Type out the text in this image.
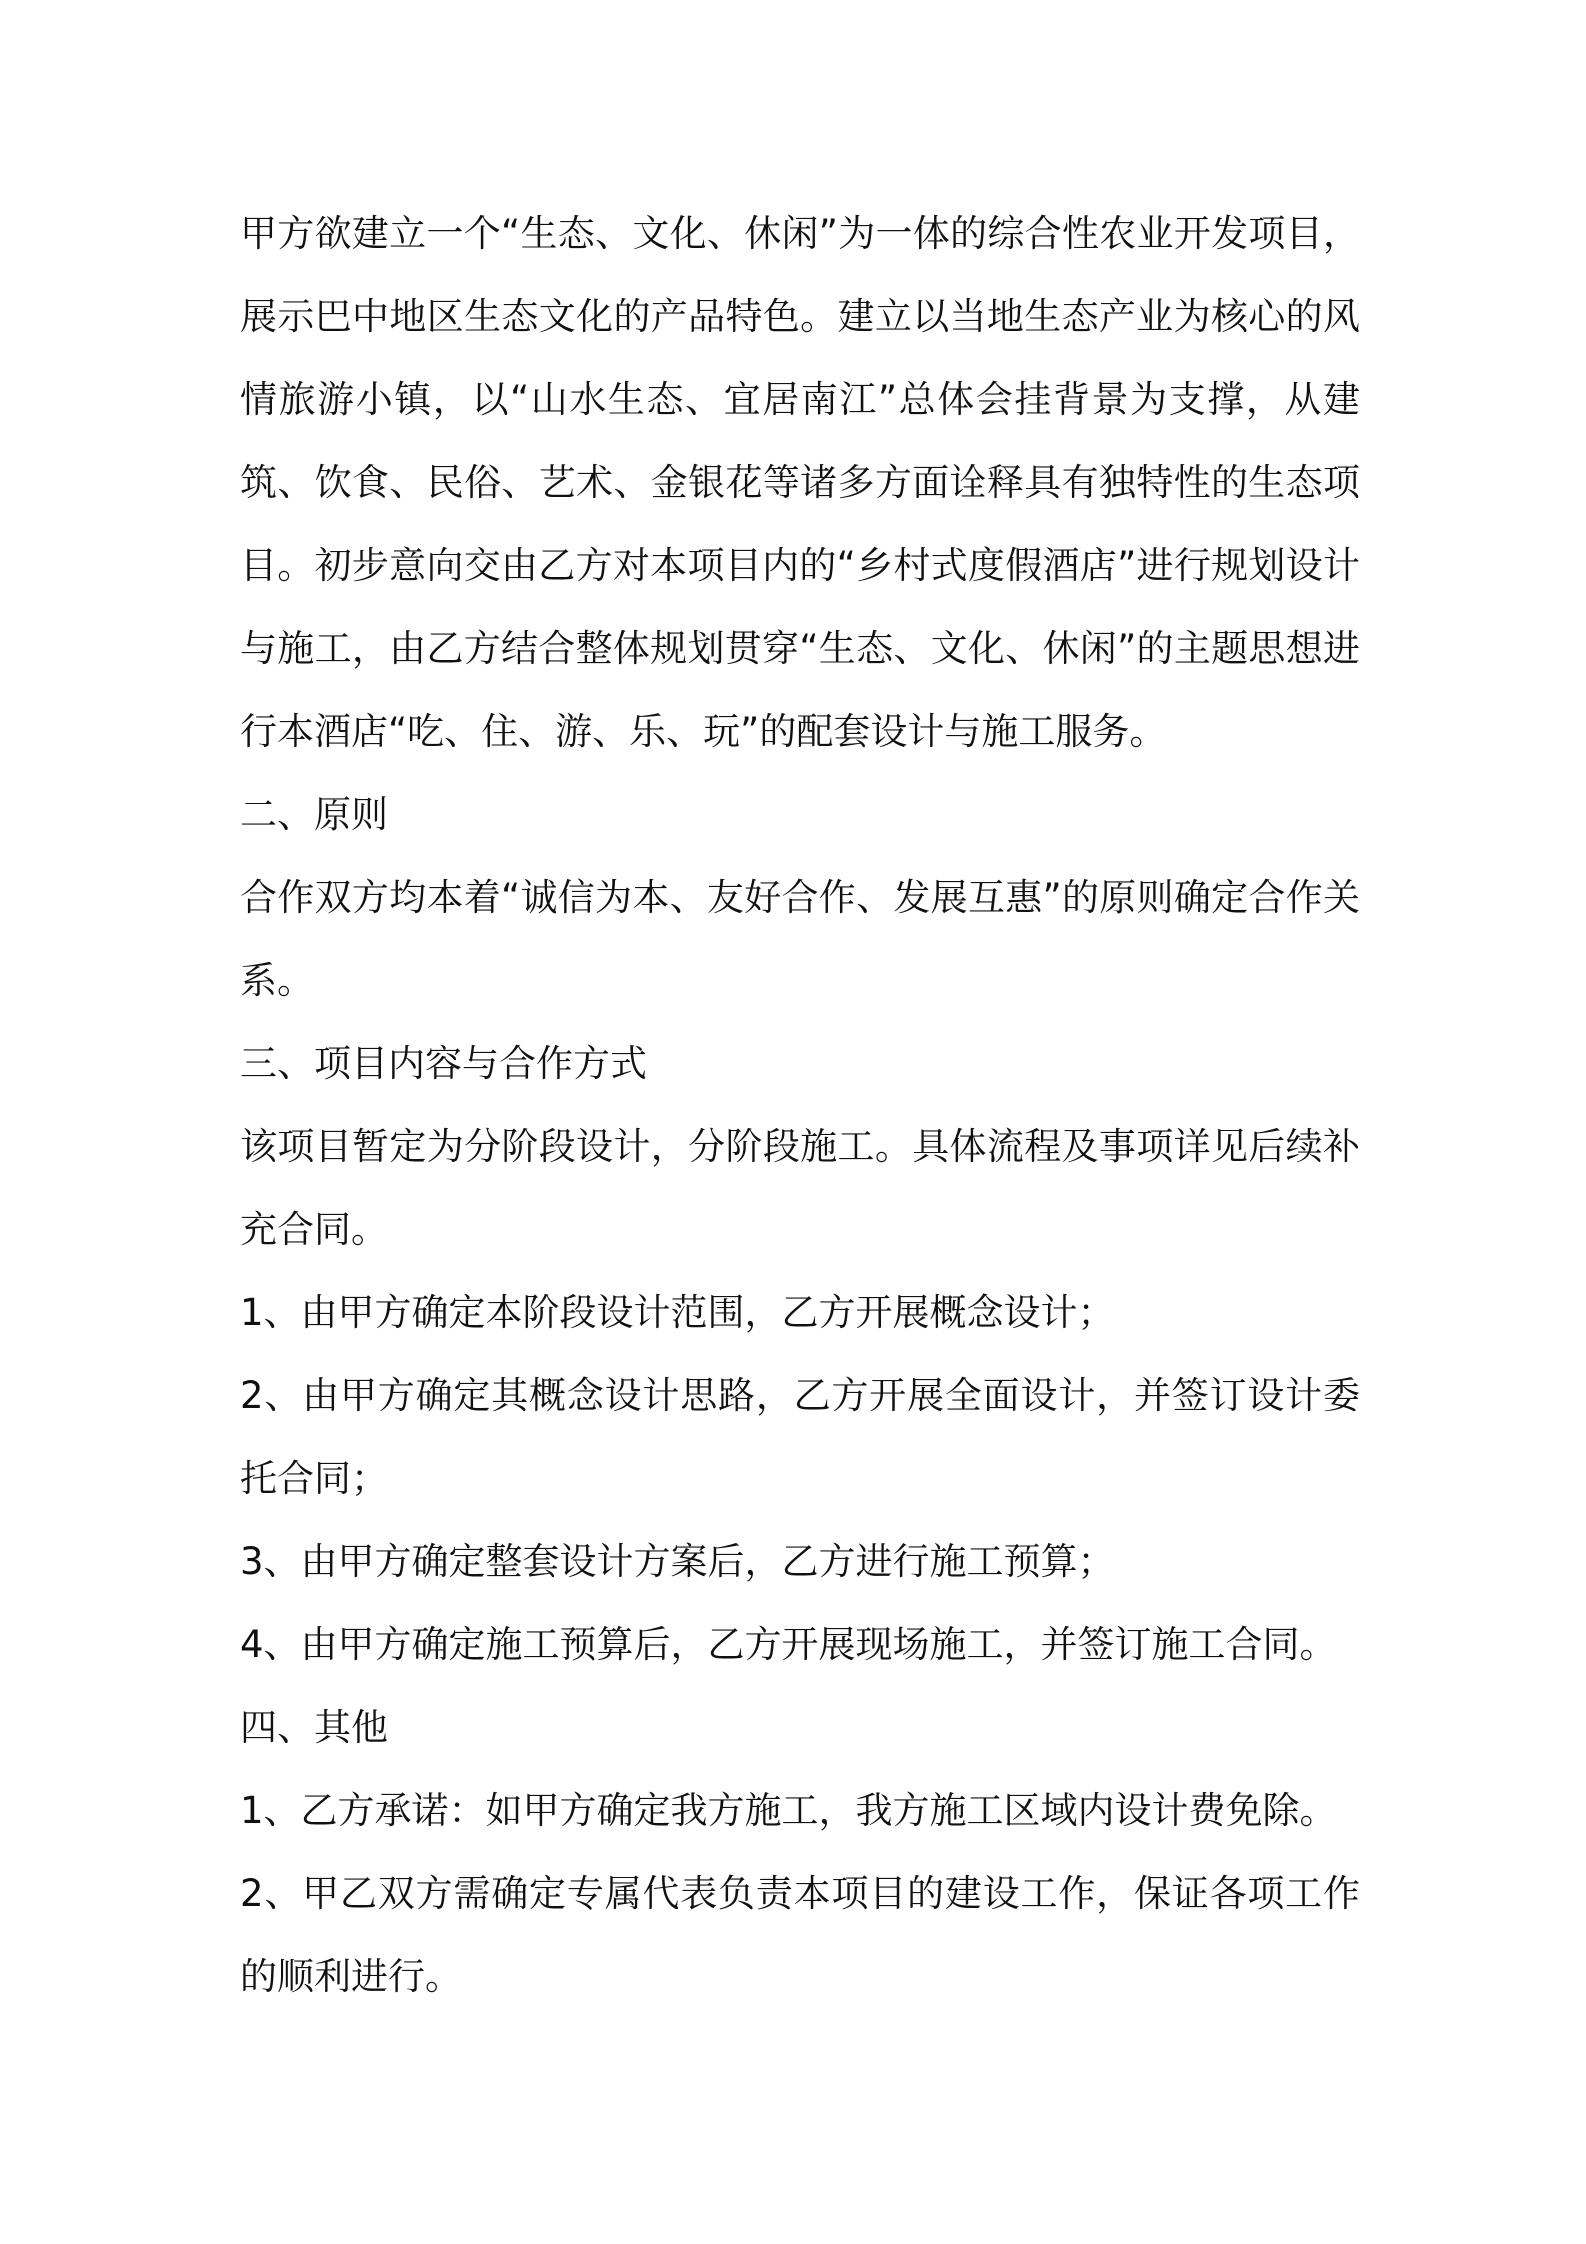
甲方欲建立一个“生态、文化、休闲”为一体的综合性农业开发项目，展示巴中地区生态文化的产品特色。建立以当地生态产业为核心的风情旅游小镇，以“山水生态、宜居南江”总体会挂背景为支撑，从建筑、饮食、民俗、艺术、金银花等诸多方面诠释具有独特性的生态项目。初步意向交由乙方对本项目内的“乡村式度假酒店”进行规划设计与施工，由乙方结合整体规划贯穿“生态、文化、休闲”的主题思想进行本酒店“吃、住、游、乐、玩”的配套设计与施工服务。

二、原则

合作双方均本着“诚信为本、友好合作、发展互惠”的原则确定合作关系。

三、项目内容与合作方式

该项目暂定为分阶段设计，分阶段施工。具体流程及事项详见后续补充合同。

1、由甲方确定本阶段设计范围，乙方开展概念设计；

2、由甲方确定其概念设计思路，乙方开展全面设计，并签订设计委托合同；

3、由甲方确定整套设计方案后，乙方进行施工预算；

4、由甲方确定施工预算后，乙方开展现场施工，并签订施工合同。

四、其他

1、乙方承诺：如甲方确定我方施工，我方施工区域内设计费免除。

2、甲乙双方需确定专属代表负责本项目的建设工作，保证各项工作的顺利进行。
